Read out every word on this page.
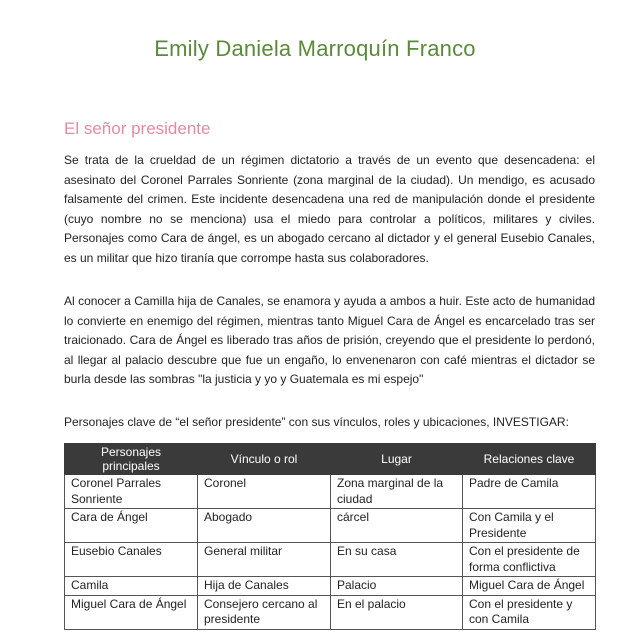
Emily Daniela Marroquín Franco
El señor presidente

Se trata de la crueldad de un régimen dictatorio a través de un evento que desencadena: el asesinato del Coronel Parrales Sonriente (zona marginal de la ciudad). Un mendigo, es acusado falsamente del crimen. Este incidente desencadena una red de manipulación donde el presidente (cuyo nombre no se menciona) usa el miedo para controlar a políticos, militares y civiles. Personajes como Cara de ángel, es un abogado cercano al dictador y el general Eusebio Canales, es un militar que hizo tiranía que corrompe hasta sus colaboradores.

Al conocer a Camilla hija de Canales, se enamora y ayuda a ambos a huir. Este acto de humanidad lo convierte en enemigo del régimen, mientras tanto Miguel Cara de Ángel es encarcelado tras ser traicionado. Cara de Ángel es liberado tras años de prisión, creyendo que el presidente lo perdonó, al llegar al palacio descubre que fue un engaño, lo envenenaron con café mientras el dictador se burla desde las sombras "la justicia y yo y Guatemala es mi espejo"

Personajes clave de “el señor presidente” con sus vínculos, roles y ubicaciones, INVESTIGAR:
Personajes principales	Vínculo o rol	Lugar	Relaciones clave
Coronel Parrales Sonriente	Coronel	Zona marginal de la ciudad	Padre de Camila
Cara de Ángel	Abogado	cárcel	Con Camila y el Presidente
Eusebio Canales	General militar	En su casa	Con el presidente de forma conflictiva
Camila	Hija de Canales	Palacio	Miguel Cara de Ángel
Miguel Cara de Ángel	Consejero cercano al presidente	En el palacio	Con el presidente y con Camila
